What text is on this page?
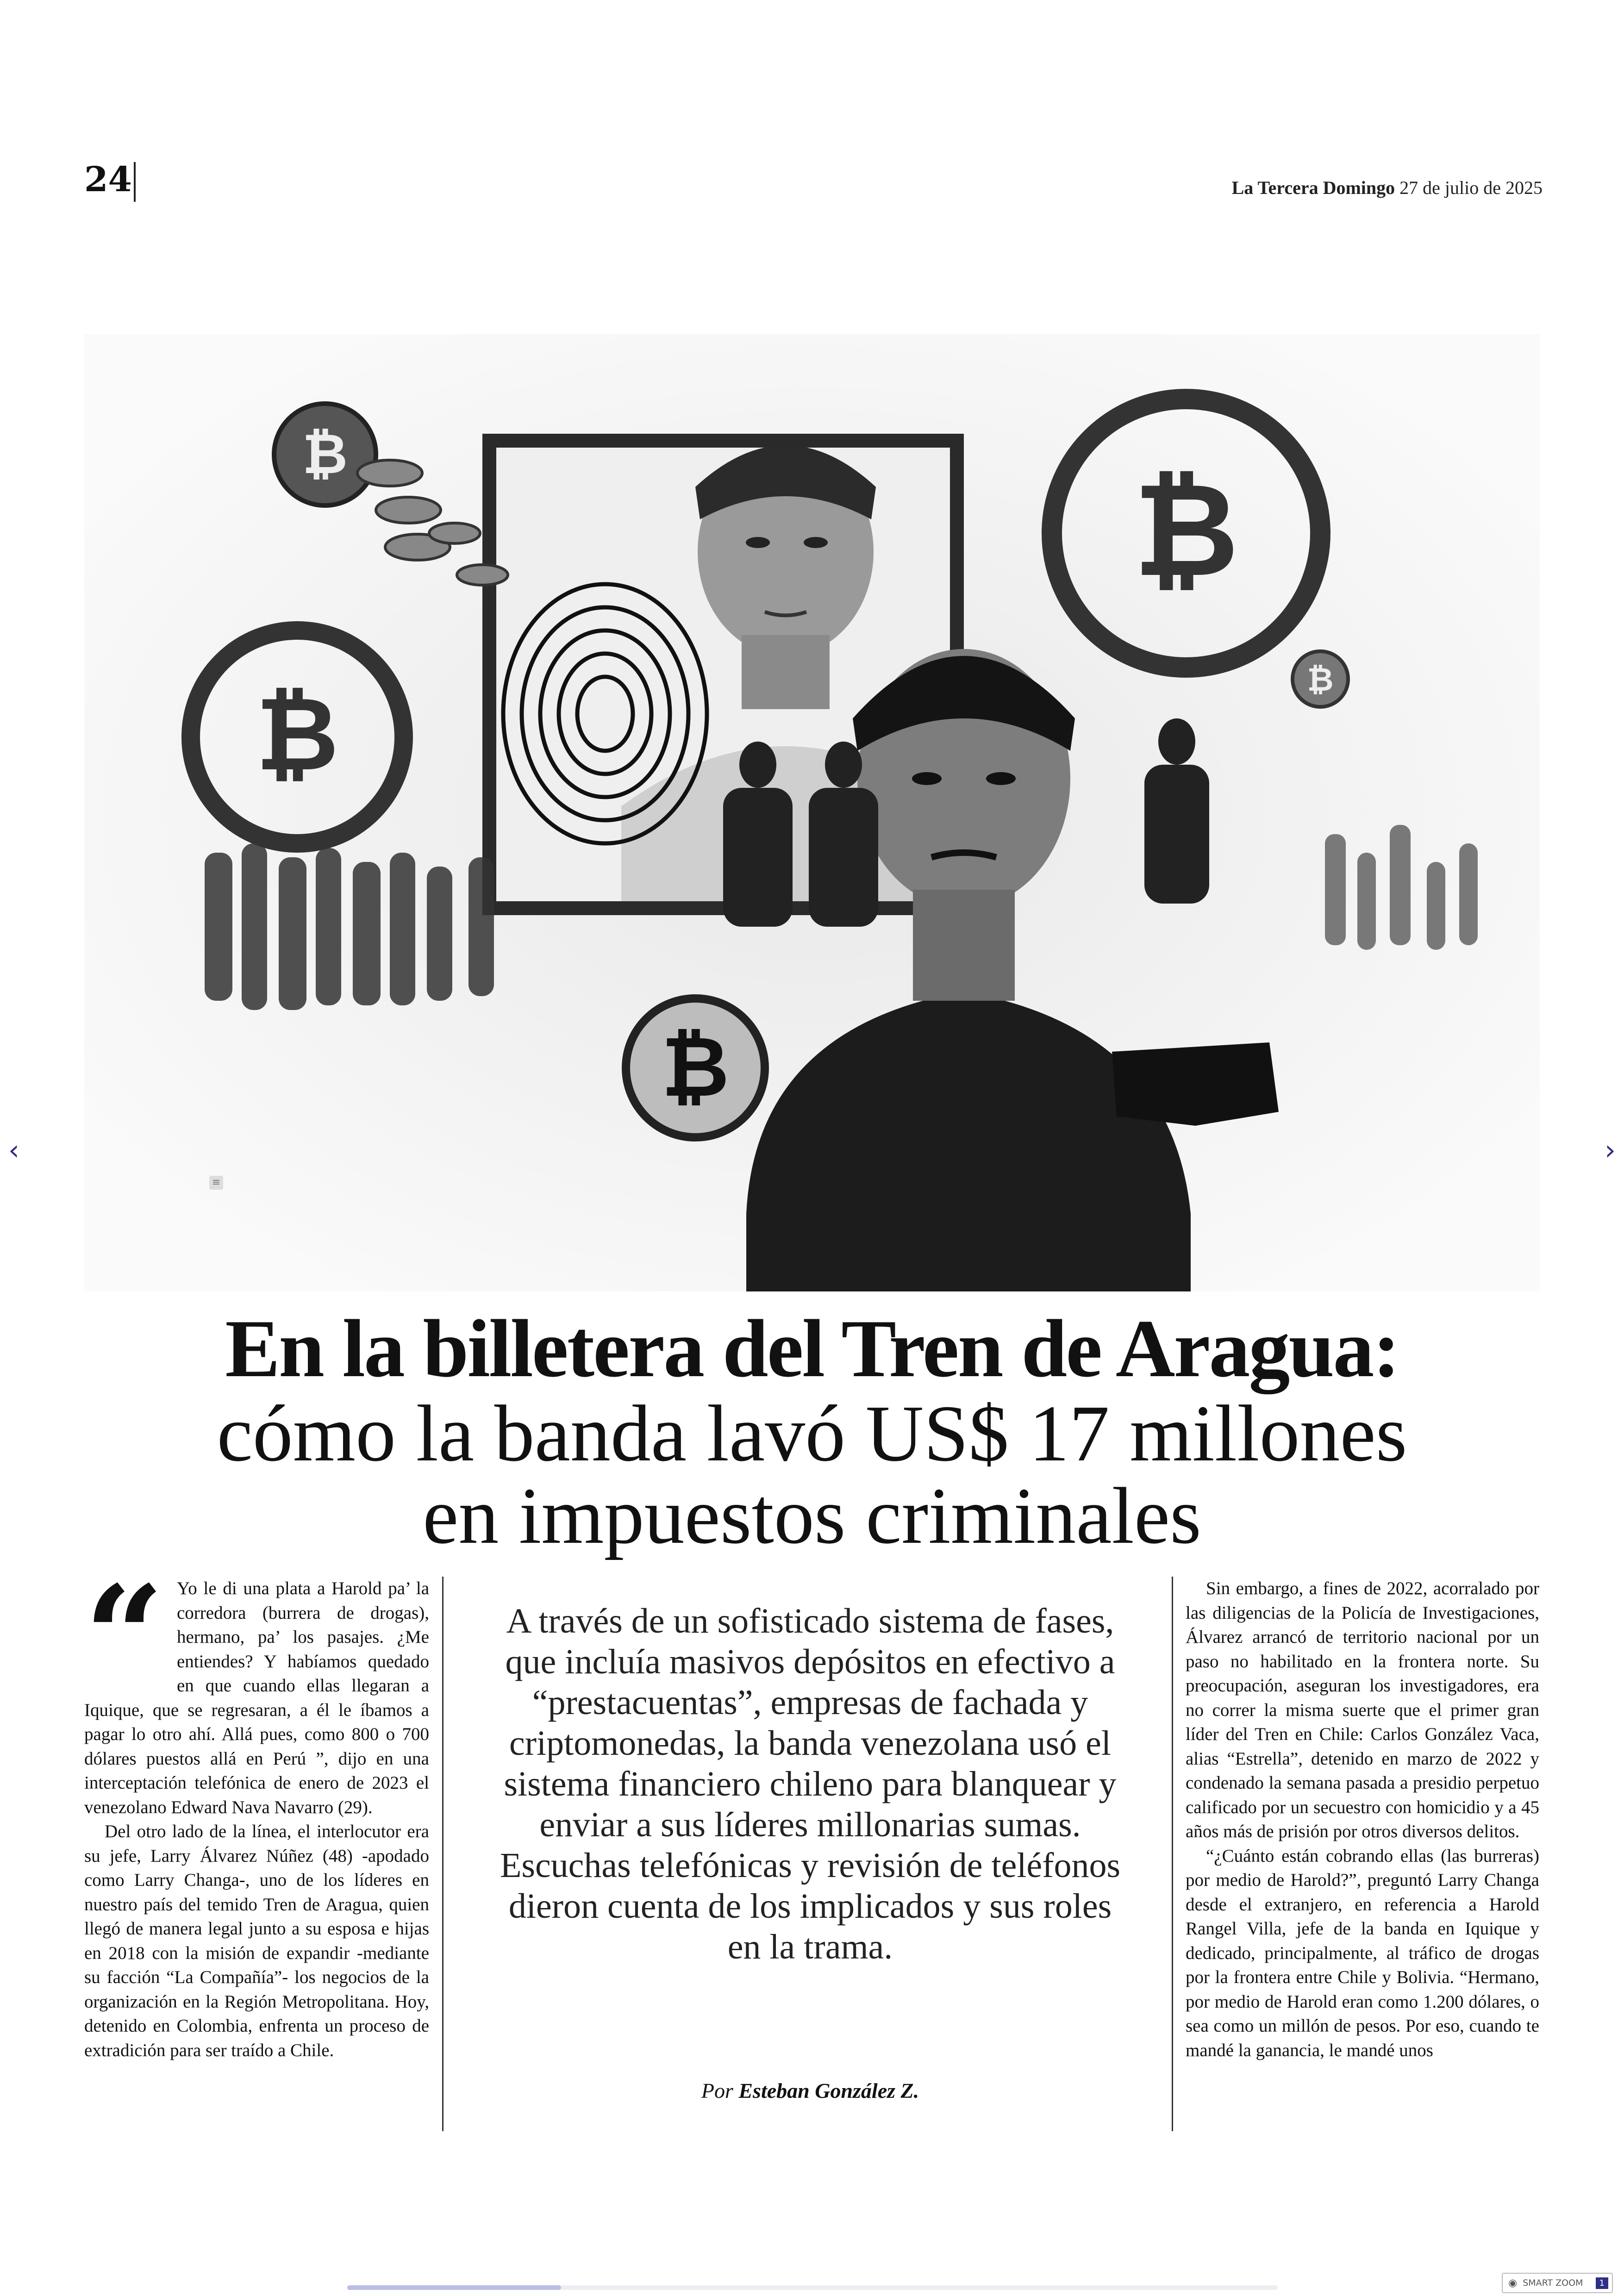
24	La Tercera Domingo 27 de julio de 2025
₿
₿
₿
₿
₿
‹	›
≡
En la billetera del Tren de Aragua:
cómo la banda lavó US$ 17 millones
en impuestos criminales
“ Yo le di una plata a Harold pa’ la corredora (burrera de drogas), hermano, pa’ los pasajes. ¿Me entiendes? Y habíamos quedado en que cuando ellas llegaran a Iquique, que se regresaran, a él le íbamos a pagar lo otro ahí. Allá pues, como 800 o 700 dólares puestos allá en Perú ”, dijo en una interceptación telefónica de enero de 2023 el venezolano Edward Nava Navarro (29).

Del otro lado de la línea, el interlocutor era su jefe, Larry Álvarez Núñez (48) -apodado como Larry Changa-, uno de los líderes en nuestro país del temido Tren de Aragua, quien llegó de manera legal junto a su esposa e hijas en 2018 con la misión de expandir -mediante su facción “La Compañía”- los negocios de la organización en la Región Metropolitana. Hoy, detenido en Colombia, enfrenta un proceso de extradición para ser traído a Chile.

A través de un sofisticado sistema de fases, que incluía masivos depósitos en efectivo a “prestacuentas”, empresas de fachada y criptomonedas, la banda venezolana usó el sistema financiero chileno para blanquear y enviar a sus líderes millonarias sumas. Escuchas telefónicas y revisión de teléfonos dieron cuenta de los implicados y sus roles en la trama.
Por Esteban González Z.

Sin embargo, a fines de 2022, acorralado por las diligencias de la Policía de Investigaciones, Álvarez arrancó de territorio nacional por un paso no habilitado en la frontera norte. Su preocupación, aseguran los investigadores, era no correr la misma suerte que el primer gran líder del Tren en Chile: Carlos González Vaca, alias “Estrella”, detenido en marzo de 2022 y condenado la semana pasada a presidio perpetuo calificado por un secuestro con homicidio y a 45 años más de prisión por otros diversos delitos.

“¿Cuánto están cobrando ellas (las burreras) por medio de Harold?”, preguntó Larry Changa desde el extranjero, en referencia a Harold Rangel Villa, jefe de la banda en Iquique y dedicado, principalmente, al tráfico de drogas por la frontera entre Chile y Bolivia. “Hermano, por medio de Harold eran como 1.200 dólares, o sea como un millón de pesos. Por eso, cuando te mandé la ganancia, le mandé unos

◉ SMART ZOOM	1
